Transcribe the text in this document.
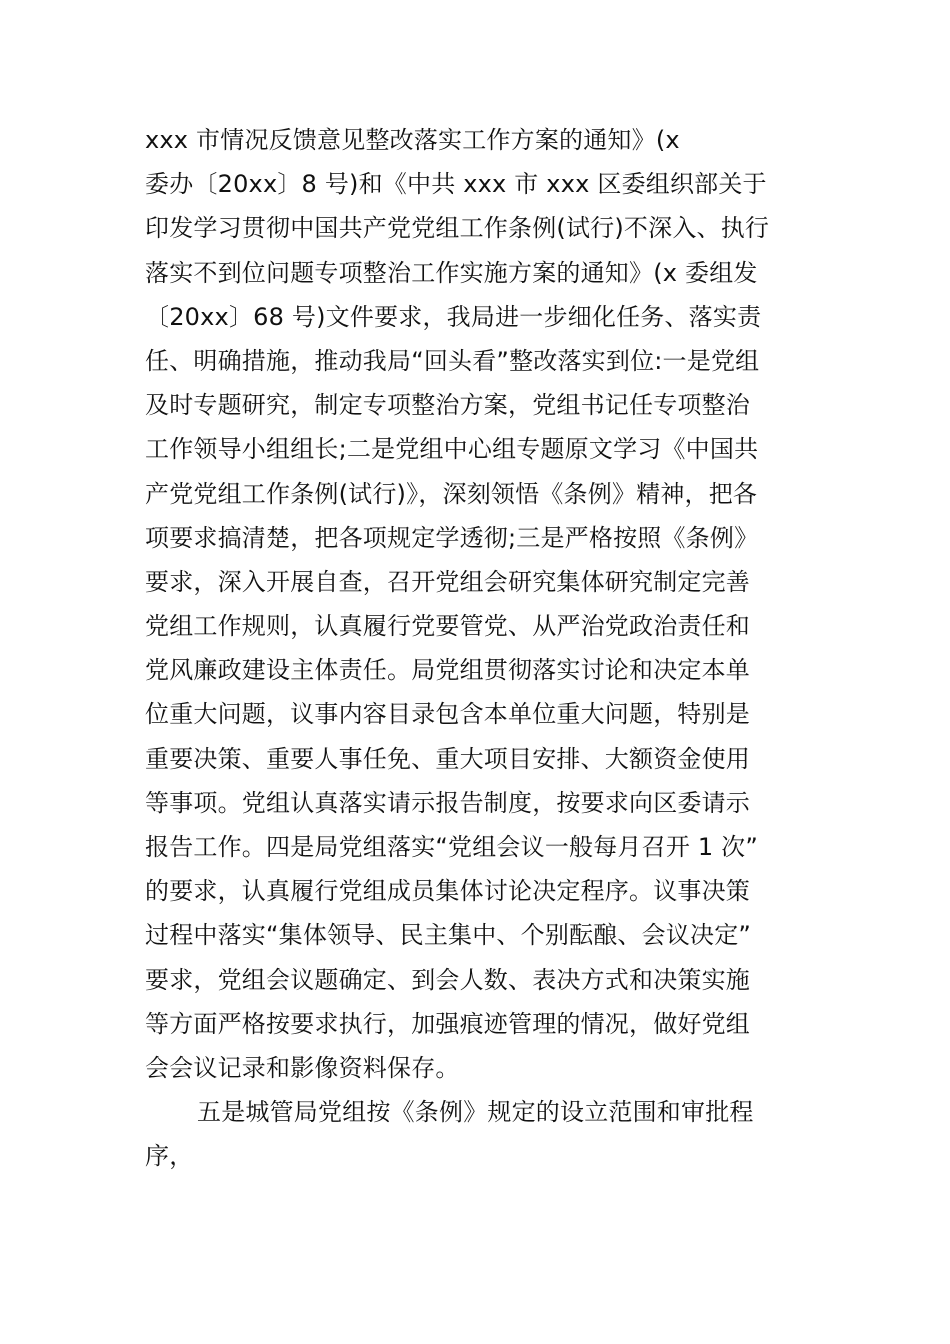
xxx 市情况反馈意见整改落实工作方案的通知》(x
委办〔20xx〕8 号)和《中共 xxx 市 xxx 区委组织部关于
印发学习贯彻中国共产党党组工作条例(试行)不深入、执行
落实不到位问题专项整治工作实施方案的通知》(x 委组发
〔20xx〕68 号)文件要求，我局进一步细化任务、落实责
任、明确措施，推动我局“回头看”整改落实到位:一是党组
及时专题研究，制定专项整治方案，党组书记任专项整治
工作领导小组组长;二是党组中心组专题原文学习《中国共
产党党组工作条例(试行)》，深刻领悟《条例》精神，把各
项要求搞清楚，把各项规定学透彻;三是严格按照《条例》
要求，深入开展自查，召开党组会研究集体研究制定完善
党组工作规则，认真履行党要管党、从严治党政治责任和
党风廉政建设主体责任。局党组贯彻落实讨论和决定本单
位重大问题，议事内容目录包含本单位重大问题，特别是
重要决策、重要人事任免、重大项目安排、大额资金使用
等事项。党组认真落实请示报告制度，按要求向区委请示
报告工作。四是局党组落实“党组会议一般每月召开 1 次”
的要求，认真履行党组成员集体讨论决定程序。议事决策
过程中落实“集体领导、民主集中、个别酝酿、会议决定”
要求，党组会议题确定、到会人数、表决方式和决策实施
等方面严格按要求执行，加强痕迹管理的情况，做好党组
会会议记录和影像资料保存。
五是城管局党组按《条例》规定的设立范围和审批程
序，
